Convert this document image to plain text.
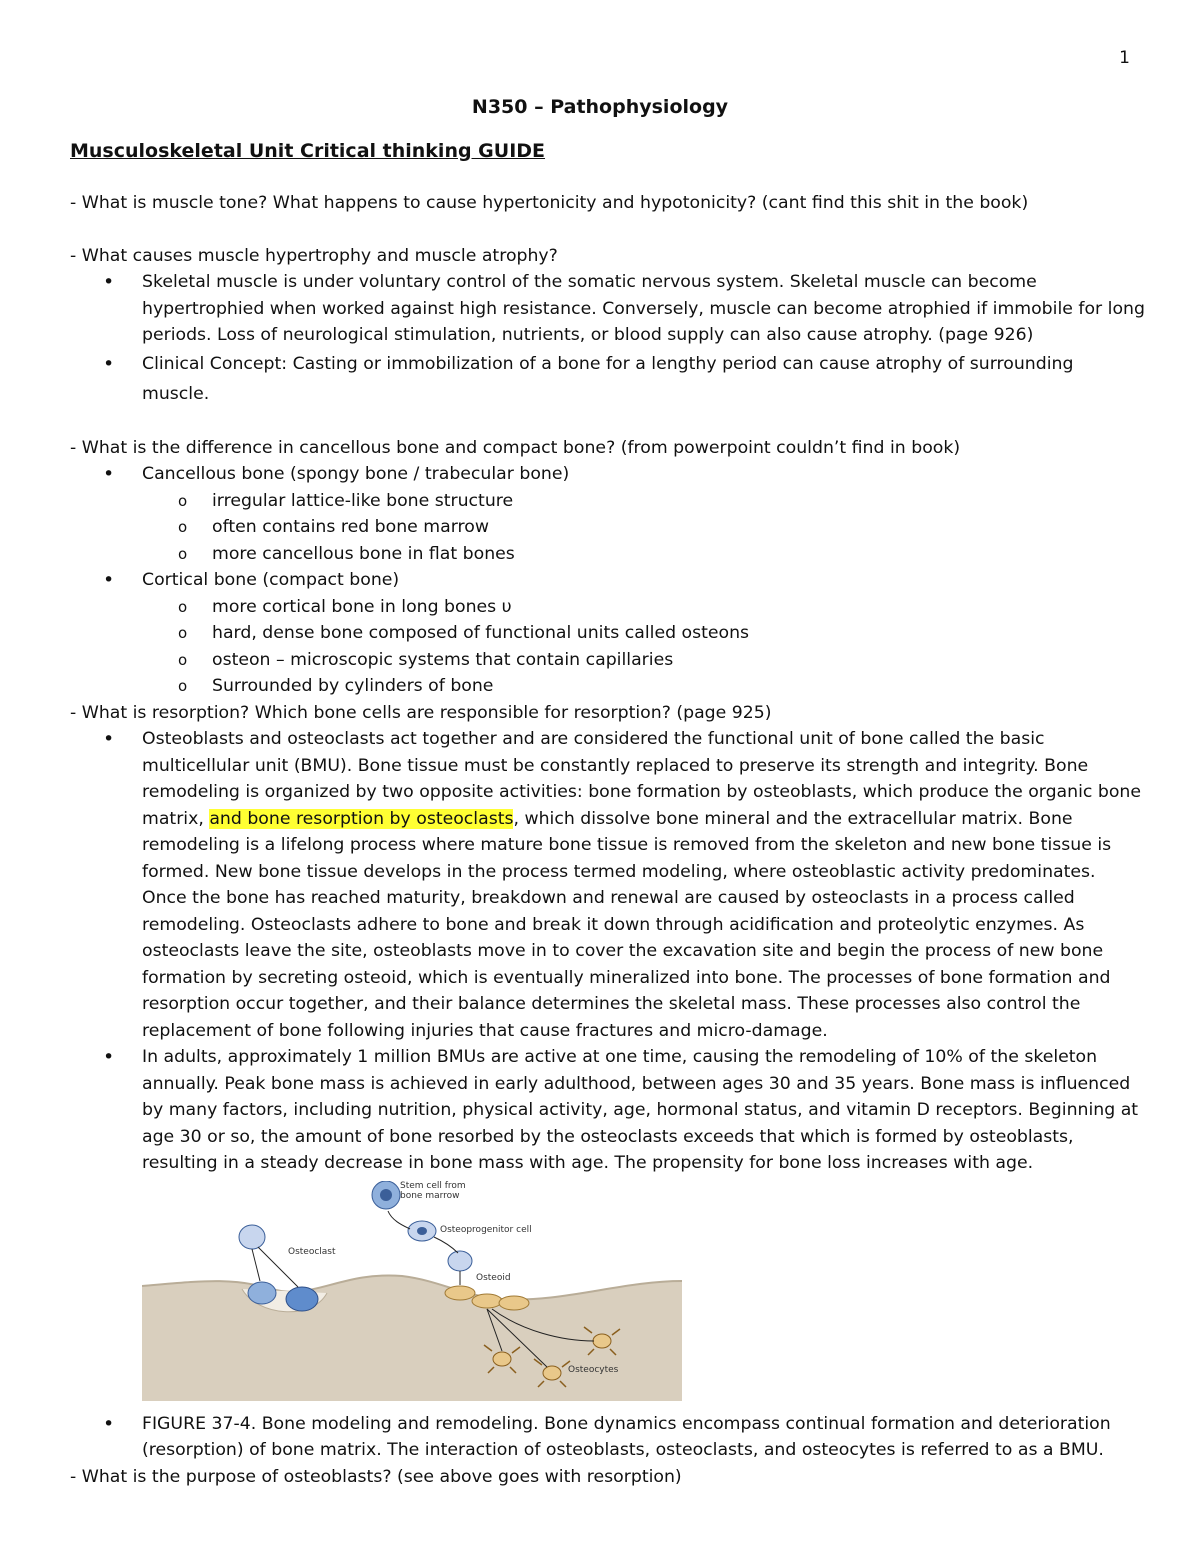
1
N350 – Pathophysiology
Musculoskeletal Unit Critical thinking GUIDE

- What is muscle tone? What happens to cause hypertonicity and hypotonicity? (cant find this shit in the book)

- What causes muscle hypertrophy and muscle atrophy?

• Skeletal muscle is under voluntary control of the somatic nervous system. Skeletal muscle can become hypertrophied when worked against high resistance. Conversely, muscle can become atrophied if immobile for long periods. Loss of neurological stimulation, nutrients, or blood supply can also cause atrophy. (page 926)
• Clinical Concept: Casting or immobilization of a bone for a lengthy period can cause atrophy of surrounding muscle.

- What is the difference in cancellous bone and compact bone? (from powerpoint couldn’t find in book)

• Cancellous bone (spongy bone / trabecular bone)
o irregular lattice-like bone structure
o often contains red bone marrow
o more cancellous bone in flat bones
• Cortical bone (compact bone)
o more cortical bone in long bones υ
o hard, dense bone composed of functional units called osteons
o osteon – microscopic systems that contain capillaries
o Surrounded by cylinders of bone

- What is resorption? Which bone cells are responsible for resorption? (page 925)

• Osteoblasts and osteoclasts act together and are considered the functional unit of bone called the basic multicellular unit (BMU). Bone tissue must be constantly replaced to preserve its strength and integrity. Bone remodeling is organized by two opposite activities: bone formation by osteoblasts, which produce the organic bone matrix, and bone resorption by osteoclasts, which dissolve bone mineral and the extracellular matrix. Bone remodeling is a lifelong process where mature bone tissue is removed from the skeleton and new bone tissue is formed. New bone tissue develops in the process termed modeling, where osteoblastic activity predominates. Once the bone has reached maturity, breakdown and renewal are caused by osteoclasts in a process called remodeling. Osteoclasts adhere to bone and break it down through acidification and proteolytic enzymes. As osteoclasts leave the site, osteoblasts move in to cover the excavation site and begin the process of new bone formation by secreting osteoid, which is eventually mineralized into bone. The processes of bone formation and resorption occur together, and their balance determines the skeletal mass. These processes also control the replacement of bone following injuries that cause fractures and micro-damage.
• In adults, approximately 1 million BMUs are active at one time, causing the remodeling of 10% of the skeleton annually. Peak bone mass is achieved in early adulthood, between ages 30 and 35 years. Bone mass is influenced by many factors, including nutrition, physical activity, age, hormonal status, and vitamin D receptors. Beginning at age 30 or so, the amount of bone resorbed by the osteoclasts exceeds that which is formed by osteoblasts, resulting in a steady decrease in bone mass with age. The propensity for bone loss increases with age.
Stem cell from bone marrow
Osteoprogenitor cell
Osteoclast
Osteoid
Osteocytes
• FIGURE 37-4. Bone modeling and remodeling. Bone dynamics encompass continual formation and deterioration (resorption) of bone matrix. The interaction of osteoblasts, osteoclasts, and osteocytes is referred to as a BMU.

- What is the purpose of osteoblasts? (see above goes with resorption)
